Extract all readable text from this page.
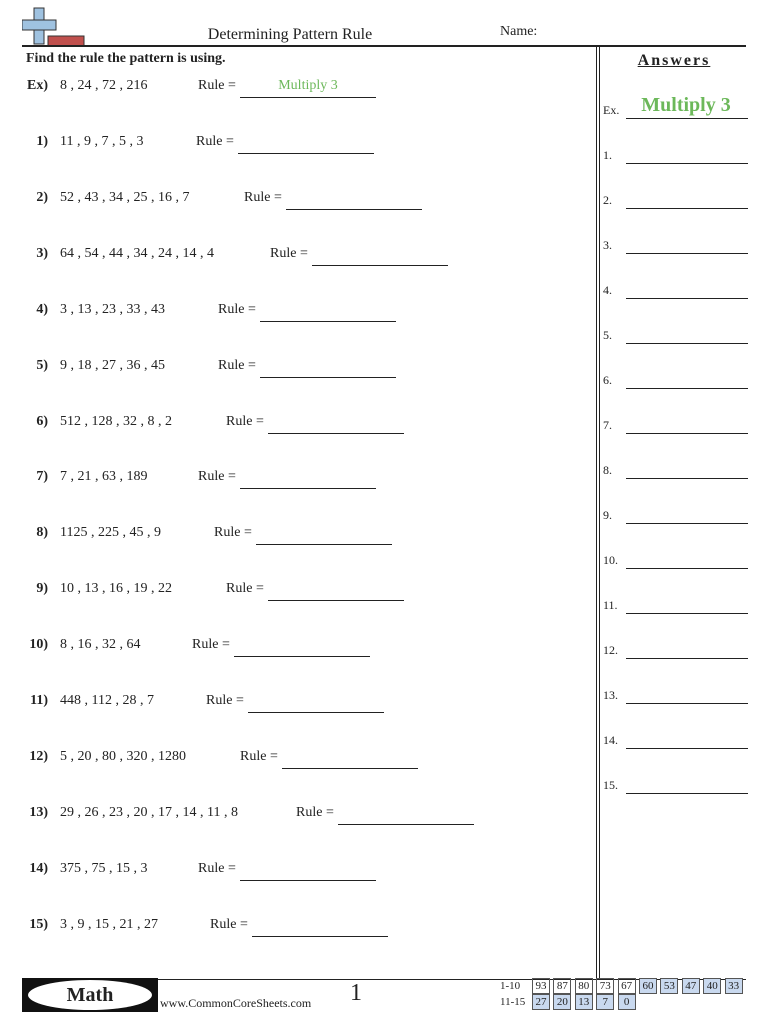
Determining Pattern Rule	Name:
Find the rule the pattern is using.
Ex) 8 , 24 , 72 , 216	Rule =	Multiply 3
1) 11 , 9 , 7 , 5 , 3	Rule =
2) 52 , 43 , 34 , 25 , 16 , 7	Rule =
3) 64 , 54 , 44 , 34 , 24 , 14 , 4	Rule =
4) 3 , 13 , 23 , 33 , 43	Rule =
5) 9 , 18 , 27 , 36 , 45	Rule =
6) 512 , 128 , 32 , 8 , 2	Rule =
7) 7 , 21 , 63 , 189	Rule =
8) 1125 , 225 , 45 , 9	Rule =
9) 10 , 13 , 16 , 19 , 22	Rule =
10) 8 , 16 , 32 , 64	Rule =
11) 448 , 112 , 28 , 7	Rule =
12) 5 , 20 , 80 , 320 , 1280	Rule =
13) 29 , 26 , 23 , 20 , 17 , 14 , 11 , 8	Rule =
14) 375 , 75 , 15 , 3	Rule =
15) 3 , 9 , 15 , 21 , 27	Rule =
Answers
Ex.	Multiply 3
1.
2.
3.
4.
5.
6.
7.
8.
9.
10.
11.
12.
13.
14.
15.
Math	www.CommonCoreSheets.com 1	1-10
11-15
93 87 80 73 67 60 53 47 40 33
27 20 13	7	0
